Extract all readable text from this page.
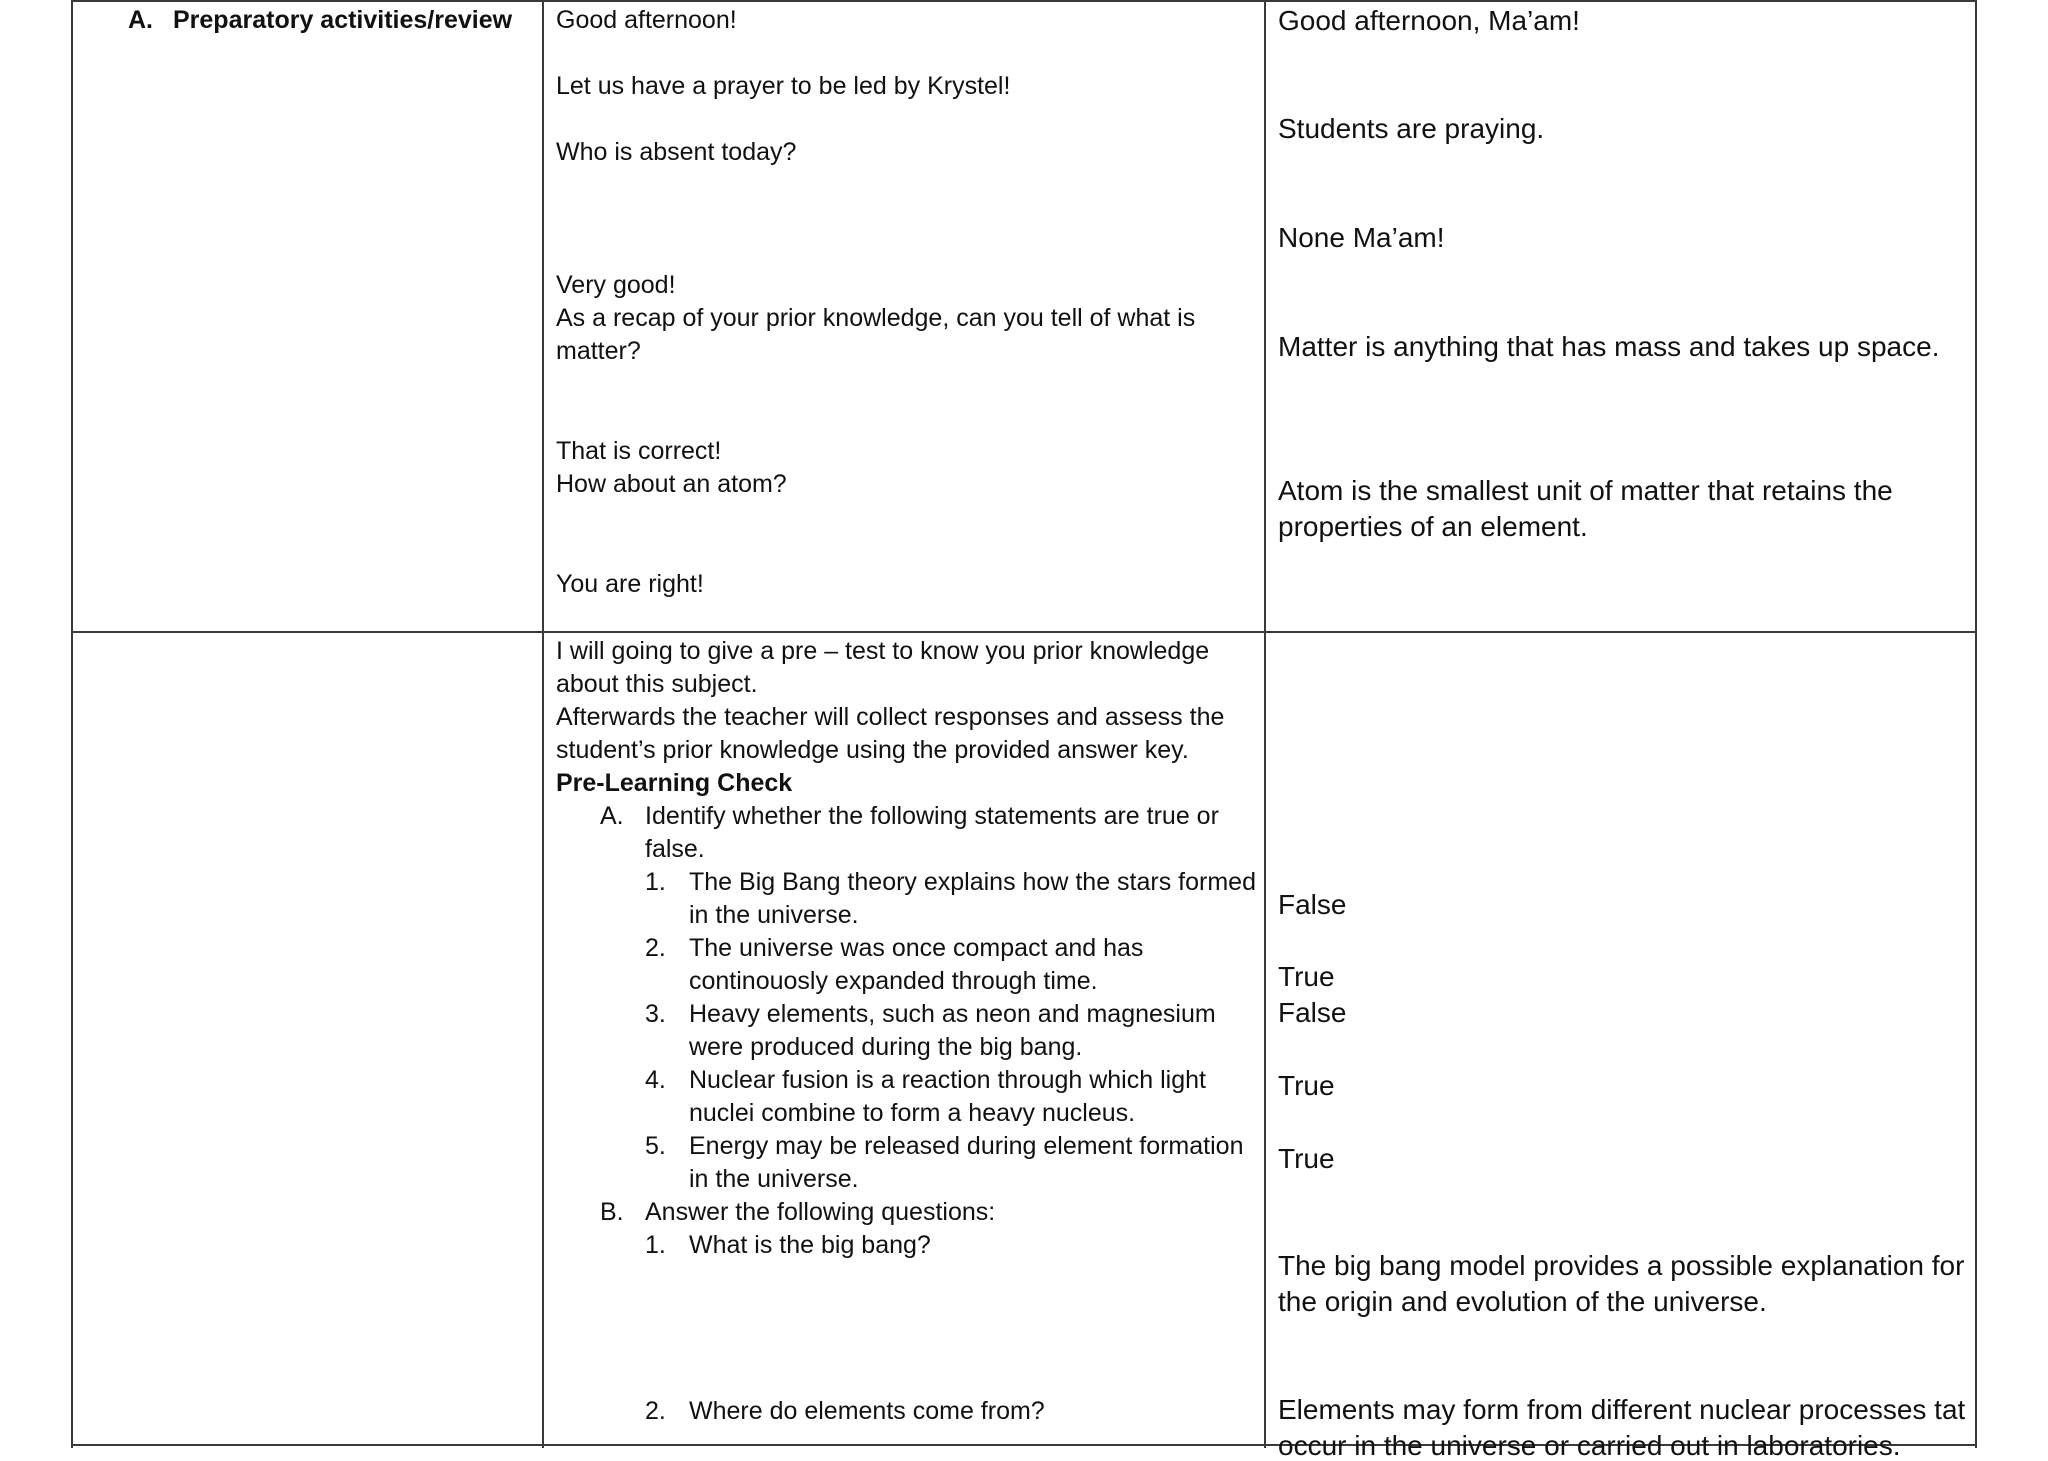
A. Preparatory activities/review Good afternoon!
Let us have a prayer to be led by Krystel!
Who is absent today?
Very good!
As a recap of your prior knowledge, can you tell of what is
matter?
That is correct!
How about an atom?
You are right!
Good afternoon, Ma’am!
Students are praying.
None Ma’am!
Matter is anything that has mass and takes up space.
Atom is the smallest unit of matter that retains the
properties of an element.
I will going to give a pre – test to know you prior knowledge
about this subject.
Afterwards the teacher will collect responses and assess the
student’s prior knowledge using the provided answer key.
Pre-Learning Check
A. Identify whether the following statements are true or
false.
1. The Big Bang theory explains how the stars formed
in the universe.
2. The universe was once compact and has
continouosly expanded through time.
3. Heavy elements, such as neon and magnesium
were produced during the big bang.
4. Nuclear fusion is a reaction through which light
nuclei combine to form a heavy nucleus.
5. Energy may be released during element formation
in the universe.
B. Answer the following questions:
1. What is the big bang?
2. Where do elements come from?
False
True
False
True
True
The big bang model provides a possible explanation for
the origin and evolution of the universe.
Elements may form from different nuclear processes tat
occur in the universe or carried out in laboratories.
